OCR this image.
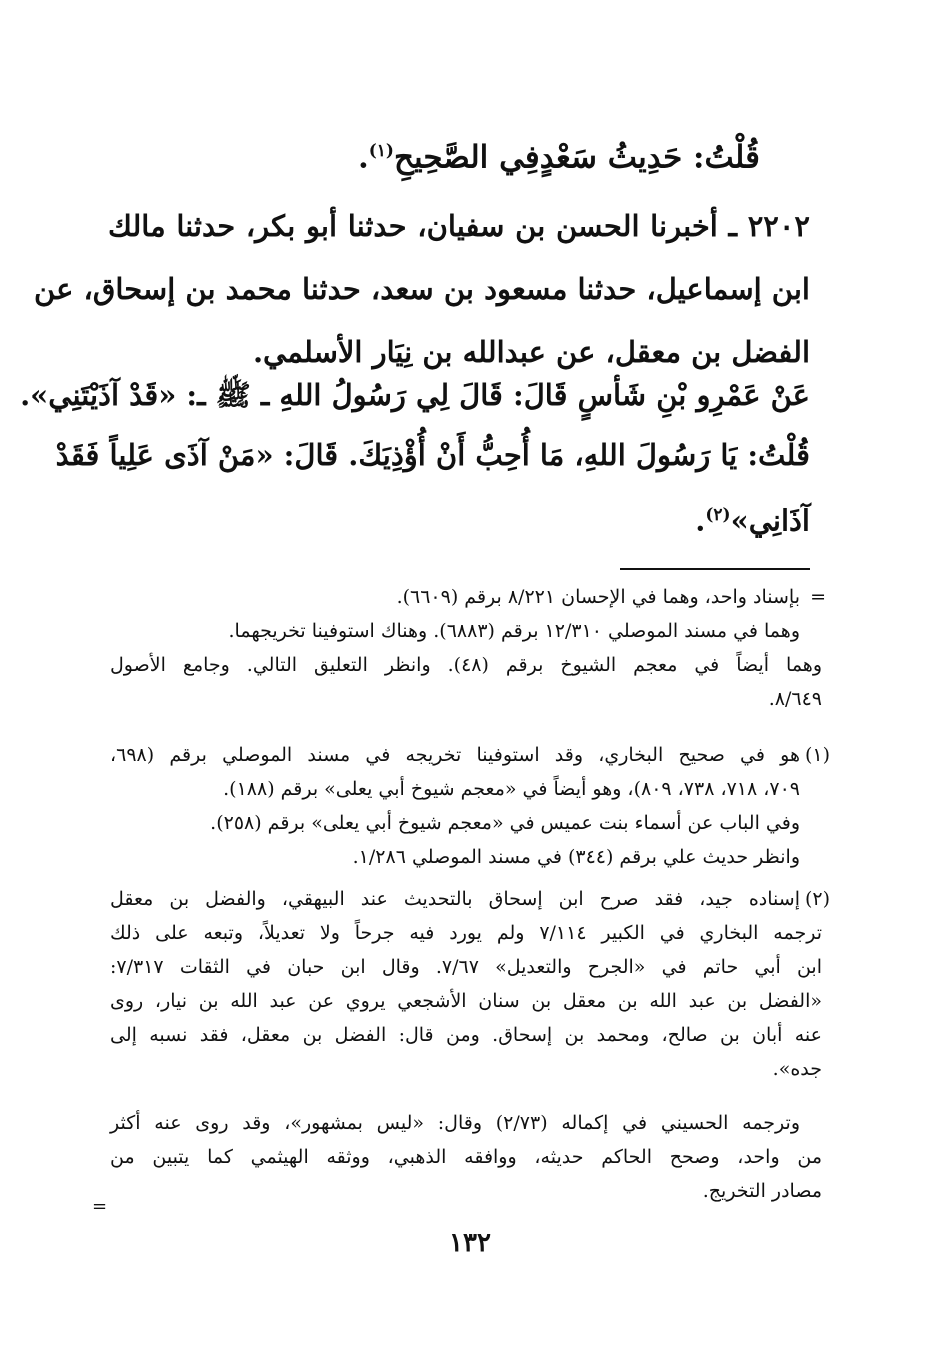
قُلْتُ: حَدِيثُ سَعْدٍفِي الصَّحِيحِ$^{(١)}$.

٢٢٠٢ ـ أخبرنا الحسن بن سفيان، حدثنا أبو بكر، حدثنا مالك

ابن إسماعيل، حدثنا مسعود بن سعد، حدثنا محمد بن إسحاق، عن

الفضل بن معقل، عن عبدالله بن نِيَار الأسلمي.

عَنْ عَمْرِو بْنِ شَأسٍ قَالَ: قَالَ لِي رَسُولُ اللهِ ـ ﷺ ـ: «قَدْ آذَيْتَنِي».

قُلْتُ: يَا رَسُولَ اللهِ، مَا أُحِبُّ أَنْ أُؤْذِيَكَ. قَالَ: «مَنْ آذَى عَلِياً فَقَدْ

آذَانِي»$^{(٢)}$.

=

بإسناد واحد، وهما في الإحسان ٨/٢٢١ برقم (٦٦٠٩).

وهما في مسند الموصلي ١٢/٣١٠ برقم (٦٨٨٣). وهناك استوفينا تخريجهما.

وهما أيضاً في معجم الشيوخ برقم (٤٨). وانظر التعليق التالي. وجامع الأصول

٨/٦٤٩.

(١)

هو في صحيح البخاري، وقد استوفينا تخريجه في مسند الموصلي برقم (٦٩٨،

٧٠٩، ٧١٨، ٧٣٨، ٨٠٩)، وهو أيضاً في «معجم شيوخ أبي يعلى» برقم (١٨٨).

وفي الباب عن أسماء بنت عميس في «معجم شيوخ أبي يعلى» برقم (٢٥٨).

وانظر حديث علي برقم (٣٤٤) في مسند الموصلي ١/٢٨٦.

(٢)

إسناده جيد، فقد صرح ابن إسحاق بالتحديث عند البيهقي، والفضل بن معقل

ترجمه البخاري في الكبير ٧/١١٤ ولم يورد فيه جرحاً ولا تعديلاً، وتبعه على ذلك

ابن أبي حاتم في «الجرح والتعديل» ٧/٦٧. وقال ابن حبان في الثقات ٧/٣١٧:

«الفضل بن عبد الله بن معقل بن سنان الأشجعي يروي عن عبد الله بن نيار، روى

عنه أبان بن صالح، ومحمد بن إسحاق. ومن قال: الفضل بن معقل، فقد نسبه إلى

جده».

وترجمه الحسيني في إكماله (٢/٧٣) وقال: «ليس بمشهور»، وقد روى عنه أكثر

من واحد، وصحح الحاكم حديثه، ووافقه الذهبي، ووثقه الهيثمي كما يتبين من

مصادر التخريج.

=
١٣٢
